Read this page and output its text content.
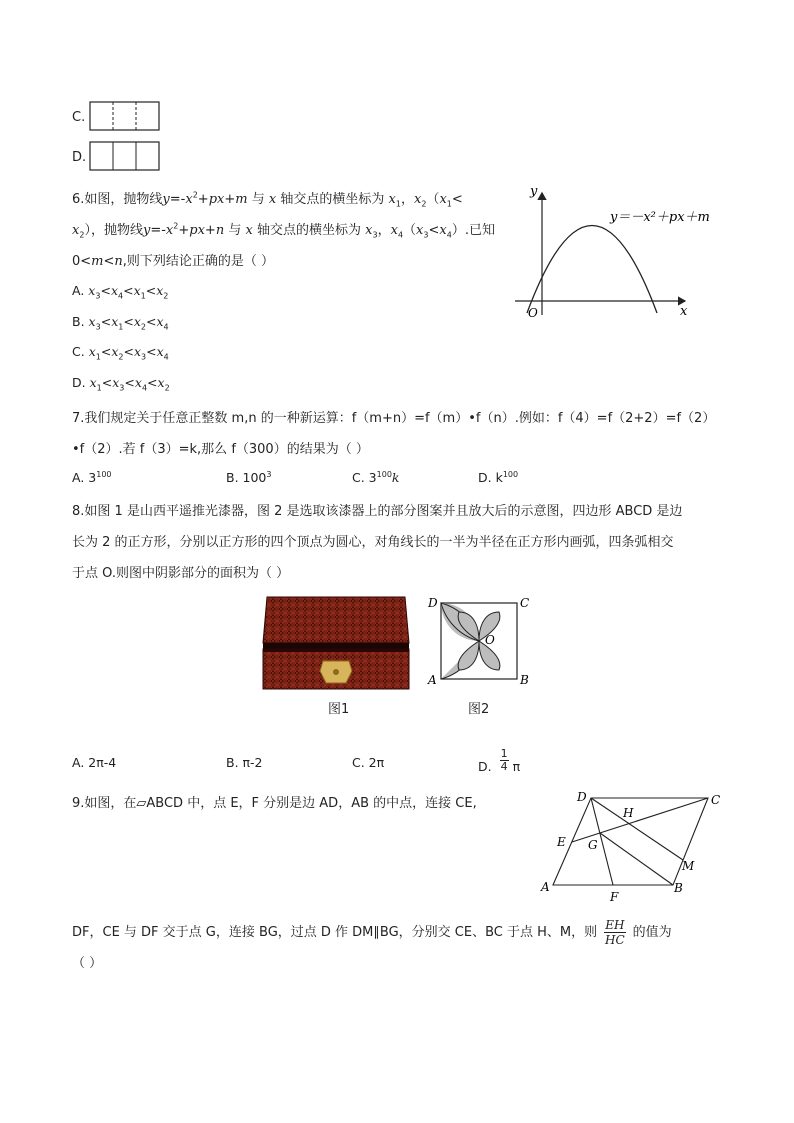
C.
D.
6.如图，抛物线$y=-x^2+px+m$ 与 x 轴交点的横坐标为 $x_1$，$x_2(x_1<$
$x_2$），抛物线$y=-x^2+px+n$ 与 x 轴交点的横坐标为 $x_3$，$x_4(x_3<x_4)$.已知
0<m<n,则下列结论正确的是（ ）
A. $x_3<x_4<x_1<x_2$
B. $x_3<x_1<x_2<x_4$
C. $x_1<x_2<x_3<x_4$
D. $x_1<x_3<x_4<x_2$
y
x
O
y＝－x²＋px＋m
7.我们规定关于任意正整数 m,n 的一种新运算：f（m+n）=f（m）•f（n）.例如：f（4）=f（2+2）=f（2）
•f（2）.若 f（3）=k,那么 f（300）的结果为（ ）
A. $3^{100}$	B. $100^3$	C. $3^{100}k$	D. $k^{100}$
8.如图 1 是山西平遥推光漆器，图 2 是选取该漆器上的部分图案并且放大后的示意图，四边形 ABCD 是边
长为 2 的正方形，分别以正方形的四个顶点为圆心，对角线长的一半为半径在正方形内画弧，四条弧相交
于点 O.则图中阴影部分的面积为（ ）
图1
D	C
A	B
O
图2
A. 2π-4	B. π-2	C. 2π	D. $\frac{1}{4}$ π
9.如图，在▱ABCD 中，点 E，F 分别是边 AD，AB 的中点，连接 CE,	D	C
H
E G
M
A
F
B
DF，CE 与 DF 交于点 G，连接 BG，过点 D 作 DM∥BG，分别交 CE、BC 于点 H、M，则 $\frac{EH}{HC}$ 的值为
（ ）
